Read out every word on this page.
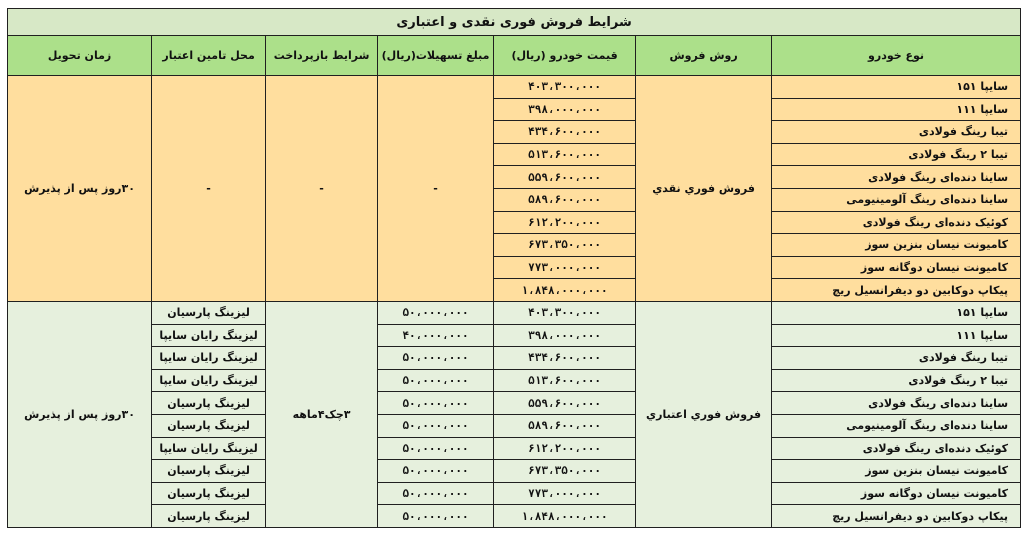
شرایط فروش فوری نقدی و اعتباری						
نوع خودرو	روش فروش	قیمت خودرو (ریال)	مبلغ تسهیلات(ریال)	شرایط بازپرداخت	محل تامین اعتبار	زمان تحویل
سایپا ۱۵۱	فروش فوري نقدي	۴۰۳،۳۰۰،۰۰۰	-	-	-	۳۰روز پس از پذیرش
سایپا ۱۱۱		۳۹۸،۰۰۰،۰۰۰				
تیبا رینگ فولادی		۴۳۴،۶۰۰،۰۰۰				
تیبا ۲ رینگ فولادی		۵۱۳،۶۰۰،۰۰۰				
ساینا دنده‌ای رینگ فولادی		۵۵۹،۶۰۰،۰۰۰				
ساینا دنده‌ای رینگ آلومینیومی		۵۸۹،۶۰۰،۰۰۰				
کوئیک دنده‌ای رینگ فولادی		۶۱۲،۲۰۰،۰۰۰				
کامیونت نیسان بنزین سوز		۶۷۳،۳۵۰،۰۰۰				
کامیونت نیسان دوگانه سوز		۷۷۳،۰۰۰،۰۰۰				
پیکاپ دوکابین دو دیفرانسیل ریچ		۱،۸۴۸،۰۰۰،۰۰۰				
سایپا ۱۵۱	فروش فوري اعتباري	۴۰۳،۳۰۰،۰۰۰	۵۰،۰۰۰،۰۰۰	۳چک۴ماهه	لیزینگ پارسیان	۳۰روز پس از پذیرش
سایپا ۱۱۱		۳۹۸،۰۰۰،۰۰۰	۴۰،۰۰۰،۰۰۰		لیزینگ رایان سایپا	
تیبا رینگ فولادی		۴۳۴،۶۰۰،۰۰۰	۵۰،۰۰۰،۰۰۰		لیزینگ رایان سایپا	
تیبا ۲ رینگ فولادی		۵۱۳،۶۰۰،۰۰۰	۵۰،۰۰۰،۰۰۰		لیزینگ رایان سایپا	
ساینا دنده‌ای رینگ فولادی		۵۵۹،۶۰۰،۰۰۰	۵۰،۰۰۰،۰۰۰		لیزینگ پارسیان	
ساینا دنده‌ای رینگ آلومینیومی		۵۸۹،۶۰۰،۰۰۰	۵۰،۰۰۰،۰۰۰		لیزینگ پارسیان	
کوئیک دنده‌ای رینگ فولادی		۶۱۲،۲۰۰،۰۰۰	۵۰،۰۰۰،۰۰۰		لیزینگ رایان سایپا	
کامیونت نیسان بنزین سوز		۶۷۳،۳۵۰،۰۰۰	۵۰،۰۰۰،۰۰۰		لیزینگ پارسیان	
کامیونت نیسان دوگانه سوز		۷۷۳،۰۰۰،۰۰۰	۵۰،۰۰۰،۰۰۰		لیزینگ پارسیان	
پیکاپ دوکابین دو دیفرانسیل ریچ		۱،۸۴۸،۰۰۰،۰۰۰	۵۰،۰۰۰،۰۰۰		لیزینگ پارسیان	
